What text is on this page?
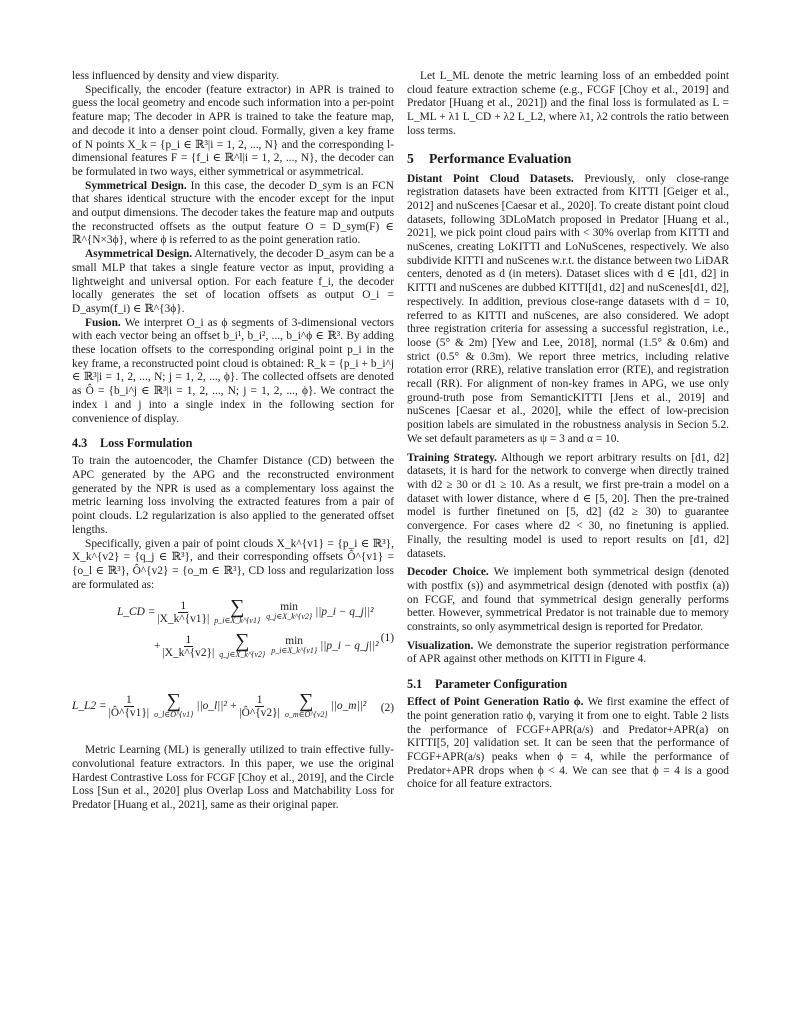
less influenced by density and view disparity.

Specifically, the encoder (feature extractor) in APR is trained to guess the local geometry and encode such information into a per-point feature map; The decoder in APR is trained to take the feature map, and decode it into a denser point cloud. Formally, given a key frame of N points X_k = {p_i ∈ ℝ³|i = 1, 2, ..., N} and the corresponding l-dimensional features F = {f_i ∈ ℝ^l|i = 1, 2, ..., N}, the decoder can be formulated in two ways, either symmetrical or asymmetrical.

Symmetrical Design. In this case, the decoder D_sym is an FCN that shares identical structure with the encoder except for the input and output dimensions. The decoder takes the feature map and outputs the reconstructed offsets as the output feature O = D_sym(F) ∈ ℝ^{N×3ϕ}, where ϕ is referred to as the point generation ratio.

Asymmetrical Design. Alternatively, the decoder D_asym can be a small MLP that takes a single feature vector as input, providing a lightweight and universal option. For each feature f_i, the decoder locally generates the set of location offsets as output O_i = D_asym(f_i) ∈ ℝ^{3ϕ}.

Fusion. We interpret O_i as ϕ segments of 3-dimensional vectors with each vector being an offset b_i¹, b_i², ..., b_i^ϕ ∈ ℝ³. By adding these location offsets to the corresponding original point p_i in the key frame, a reconstructed point cloud is obtained: R_k = {p_i + b_i^j ∈ ℝ³|i = 1, 2, ..., N; j = 1, 2, ..., ϕ}. The collected offsets are denoted as Ô = {b_i^j ∈ ℝ³|i = 1, 2, ..., N; j = 1, 2, ..., ϕ}. We contract the index i and j into a single index in the following section for convenience of display.

4.3 Loss Formulation

To train the autoencoder, the Chamfer Distance (CD) between the APC generated by the APG and the reconstructed environment generated by the NPR is used as a complementary loss against the metric learning loss involving the extracted features from a pair of point clouds. L2 regularization is also applied to the generated offset lengths.

Specifically, given a pair of point clouds X_k^{v1} = {p_i ∈ ℝ³}, X_k^{v2} = {q_j ∈ ℝ³}, and their corresponding offsets Ô^{v1} = {o_l ∈ ℝ³}, Ô^{v2} = {o_m ∈ ℝ³}, CD loss and regularization loss are formulated as:

L_CD = $\frac{1}{|X\_k\^{}\{v1\}|}$ ∑
p_i∈X_k^{v1}
min
q_j∈X_k^{v2} ||p_i − q_j||²
+ $\frac{1}{|X\_k\^{}\{v2\}|}$ ∑
q_j∈X_k^{v2}
min
p_i∈X_k^{v1} ||p_i − q_j||²
(1)
L_L2 = $\frac{1}{|Ô\^{}\{v1\}|}$ ∑
o_l∈Ô^{v1}
||o_l||² + $\frac{1}{|Ô\^{}\{v2\}|}$ ∑
o_m∈Ô^{v2}
||o_m||² (2)

Metric Learning (ML) is generally utilized to train effective fully-convolutional feature extractors. In this paper, we use the original Hardest Contrastive Loss for FCGF [Choy et al., 2019], and the Circle Loss [Sun et al., 2020] plus Overlap Loss and Matchability Loss for Predator [Huang et al., 2021], same as their original paper.

Let L_ML denote the metric learning loss of an embedded point cloud feature extraction scheme (e.g., FCGF [Choy et al., 2019] and Predator [Huang et al., 2021]) and the final loss is formulated as L = L_ML + λ1 L_CD + λ2 L_L2, where λ1, λ2 controls the ratio between loss terms.

5 Performance Evaluation

Distant Point Cloud Datasets. Previously, only close-range registration datasets have been extracted from KITTI [Geiger et al., 2012] and nuScenes [Caesar et al., 2020]. To create distant point cloud datasets, following 3DLoMatch proposed in Predator [Huang et al., 2021], we pick point cloud pairs with < 30% overlap from KITTI and nuScenes, creating LoKITTI and LoNuScenes, respectively. We also subdivide KITTI and nuScenes w.r.t. the distance between two LiDAR centers, denoted as d (in meters). Dataset slices with d ∈ [d1, d2] in KITTI and nuScenes are dubbed KITTI[d1, d2] and nuScenes[d1, d2], respectively. In addition, previous close-range datasets with d = 10, referred to as KITTI and nuScenes, are also considered. We adopt three registration criteria for assessing a successful registration, i.e., loose (5° & 2m) [Yew and Lee, 2018], normal (1.5° & 0.6m) and strict (0.5° & 0.3m). We report three metrics, including relative rotation error (RRE), relative translation error (RTE), and registration recall (RR). For alignment of non-key frames in APG, we use only ground-truth pose from SemanticKITTI [Jens et al., 2019] and nuScenes [Caesar et al., 2020], while the effect of low-precision position labels are simulated in the robustness analysis in Secion 5.2. We set default parameters as ψ = 3 and α = 10.

Training Strategy. Although we report arbitrary results on [d1, d2] datasets, it is hard for the network to converge when directly trained with d2 ≥ 30 or d1 ≥ 10. As a result, we first pre-train a model on a dataset with lower distance, where d ∈ [5, 20]. Then the pre-trained model is further finetuned on [5, d2] (d2 ≥ 30) to guarantee convergence. For cases where d2 < 30, no finetuning is applied. Finally, the resulting model is used to report results on [d1, d2] datasets.

Decoder Choice. We implement both symmetrical design (denoted with postfix (s)) and asymmetrical design (denoted with postfix (a)) on FCGF, and found that symmetrical design generally performs better. However, symmetrical Predator is not trainable due to memory constraints, so only asymmetrical design is reported for Predator.

Visualization. We demonstrate the superior registration performance of APR against other methods on KITTI in Figure 4.

5.1 Parameter Configuration

Effect of Point Generation Ratio ϕ. We first examine the effect of the point generation ratio ϕ, varying it from one to eight. Table 2 lists the performance of FCGF+APR(a/s) and Predator+APR(a) on KITTI[5, 20] validation set. It can be seen that the performance of FCGF+APR(a/s) peaks when ϕ = 4, while the performance of Predator+APR drops when ϕ < 4. We can see that ϕ = 4 is a good choice for all feature extractors.
